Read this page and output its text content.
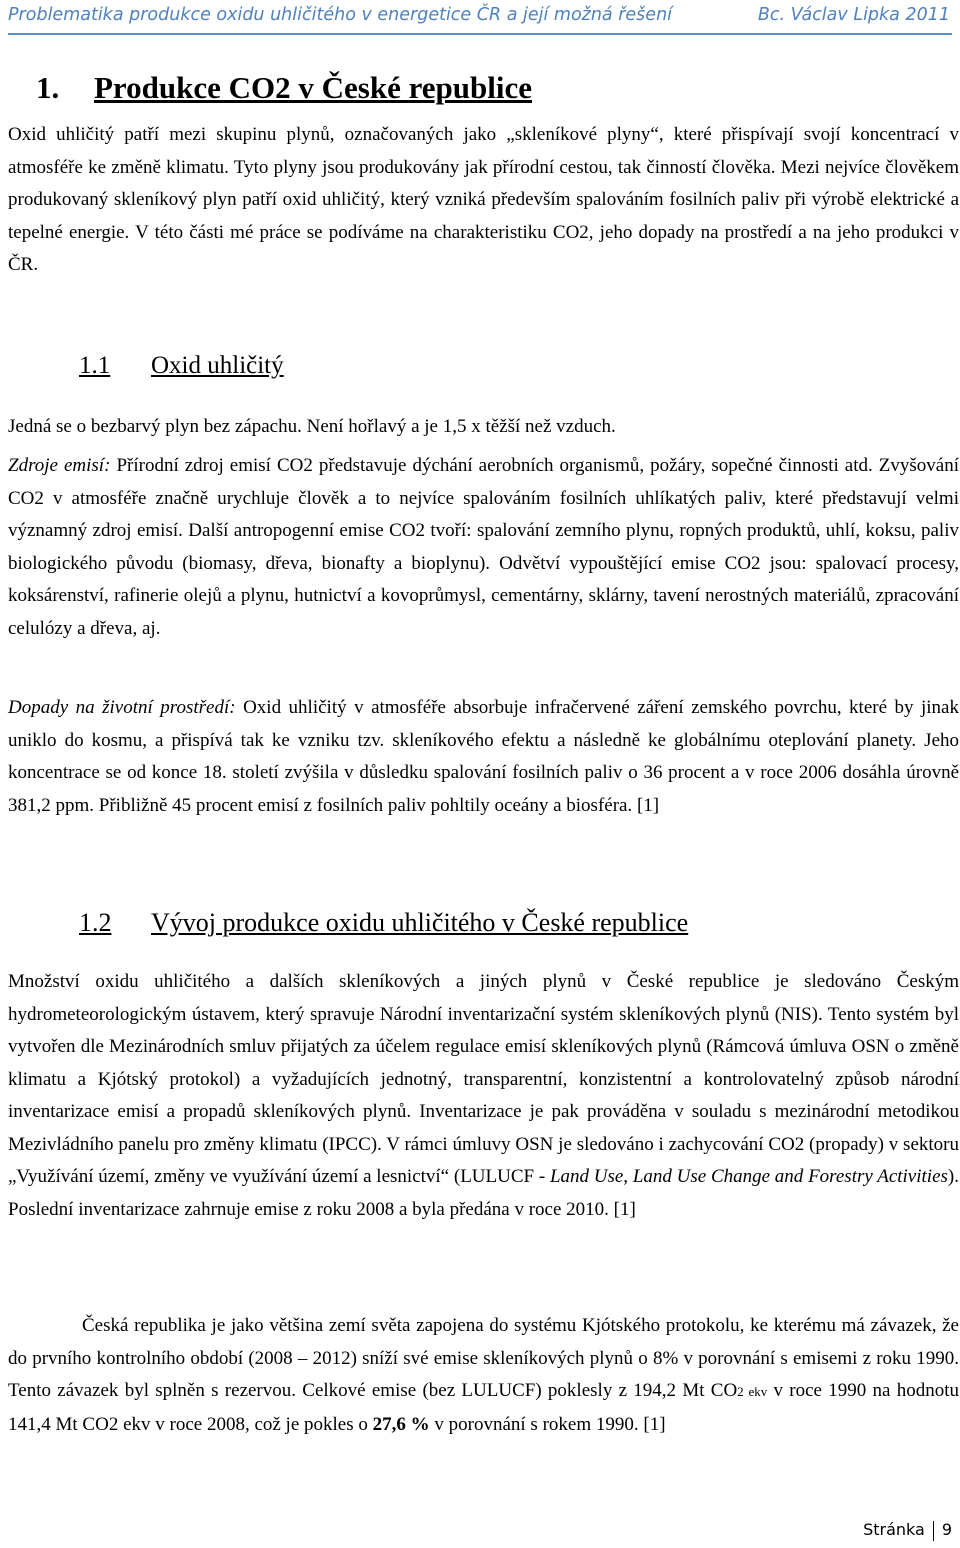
Problematika produkce oxidu uhličitého v energetice ČR a její možná řešení	Bc. Václav Lipka 2011
1. Produkce CO2 v České republice

Oxid uhličitý patří mezi skupinu plynů, označovaných jako „skleníkové plyny“, které přispívají svojí koncentrací v atmosféře ke změně klimatu. Tyto plyny jsou produkovány jak přírodní cestou, tak činností člověka. Mezi nejvíce člověkem produkovaný skleníkový plyn patří oxid uhličitý, který vzniká především spalováním fosilních paliv při výrobě elektrické a tepelné energie. V této části mé práce se podíváme na charakteristiku CO2, jeho dopady na prostředí a na jeho produkci v ČR.

1.1 Oxid uhličitý

Jedná se o bezbarvý plyn bez zápachu. Není hořlavý a je 1,5 x těžší než vzduch.

Zdroje emisí: Přírodní zdroj emisí CO2 představuje dýchání aerobních organismů, požáry, sopečné činnosti atd. Zvyšování CO2 v atmosféře značně urychluje člověk a to nejvíce spalováním fosilních uhlíkatých paliv, které představují velmi významný zdroj emisí. Další antropogenní emise CO2 tvoří: spalování zemního plynu, ropných produktů, uhlí, koksu, paliv biologického původu (biomasy, dřeva, bionafty a bioplynu). Odvětví vypouštějící emise CO2 jsou: spalovací procesy, koksárenství, rafinerie olejů a plynu, hutnictví a kovoprůmysl, cementárny, sklárny, tavení nerostných materiálů, zpracování celulózy a dřeva, aj.

Dopady na životní prostředí: Oxid uhličitý v atmosféře absorbuje infračervené záření zemského povrchu, které by jinak uniklo do kosmu, a přispívá tak ke vzniku tzv. skleníkového efektu a následně ke globálnímu oteplování planety. Jeho koncentrace se od konce 18. století zvýšila v důsledku spalování fosilních paliv o 36 procent a v roce 2006 dosáhla úrovně 381,2 ppm. Přibližně 45 procent emisí z fosilních paliv pohltily oceány a biosféra. [1]

1.2 Vývoj produkce oxidu uhličitého v České republice

Množství oxidu uhličitého a dalších skleníkových a jiných plynů v České republice je sledováno Českým hydrometeorologickým ústavem, který spravuje Národní inventarizační systém skleníkových plynů (NIS). Tento systém byl vytvořen dle Mezinárodních smluv přijatých za účelem regulace emisí skleníkových plynů (Rámcová úmluva OSN o změně klimatu a Kjótský protokol) a vyžadujících jednotný, transparentní, konzistentní a kontrolovatelný způsob národní inventarizace emisí a propadů skleníkových plynů. Inventarizace je pak prováděna v souladu s mezinárodní metodikou Mezivládního panelu pro změny klimatu (IPCC). V rámci úmluvy OSN je sledováno i zachycování CO2 (propady) v sektoru „Využívání území, změny ve využívání území a lesnictví“ (LULUCF - Land Use, Land Use Change and Forestry Activities). Poslední inventarizace zahrnuje emise z roku 2008 a byla předána v roce 2010. [1]

Česká republika je jako většina zemí světa zapojena do systému Kjótského protokolu, ke kterému má závazek, že do prvního kontrolního období (2008 – 2012) sníží své emise skleníkových plynů o 8% v porovnání s emisemi z roku 1990. Tento závazek byl splněn s rezervou. Celkové emise (bez LULUCF) poklesly z 194,2 Mt CO2 ekv v roce 1990 na hodnotu 141,4 Mt CO2 ekv v roce 2008, což je pokles o 27,6 % v porovnání s rokem 1990. [1]

Stránka 9
